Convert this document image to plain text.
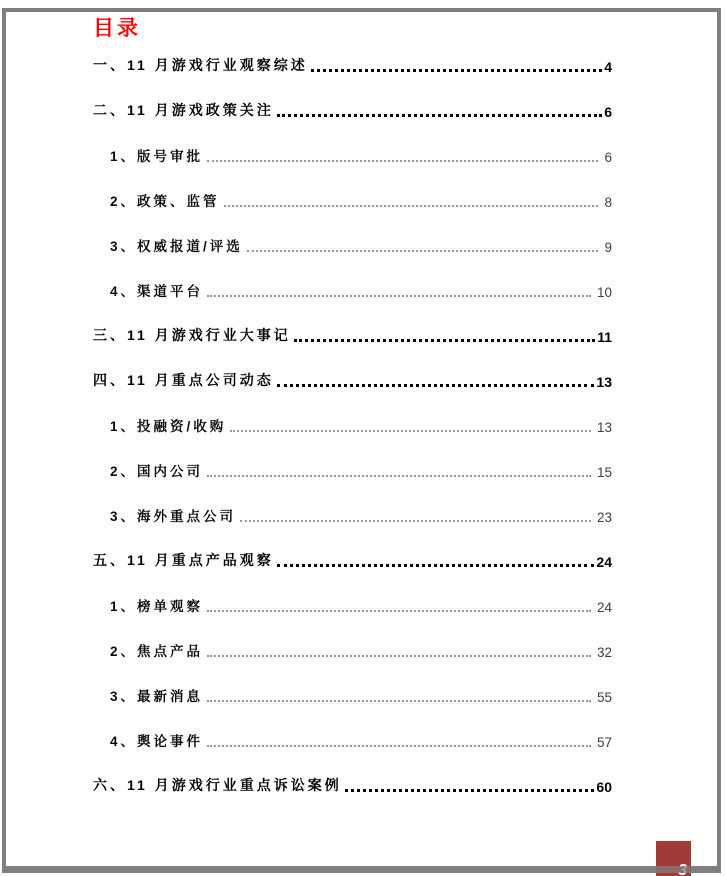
目录
一、11 月游戏行业观察综述	4
二、11 月游戏政策关注	6
1、版号审批	6
2、政策、监管	8
3、权威报道/评选	9
4、渠道平台	10
三、11 月游戏行业大事记	11
四、11 月重点公司动态	13
1、投融资/收购	13
2、国内公司	15
3、海外重点公司	23
五、11 月重点产品观察	24
1、榜单观察	24
2、焦点产品	32
3、最新消息	55
4、舆论事件	57
六、11 月游戏行业重点诉讼案例	60
